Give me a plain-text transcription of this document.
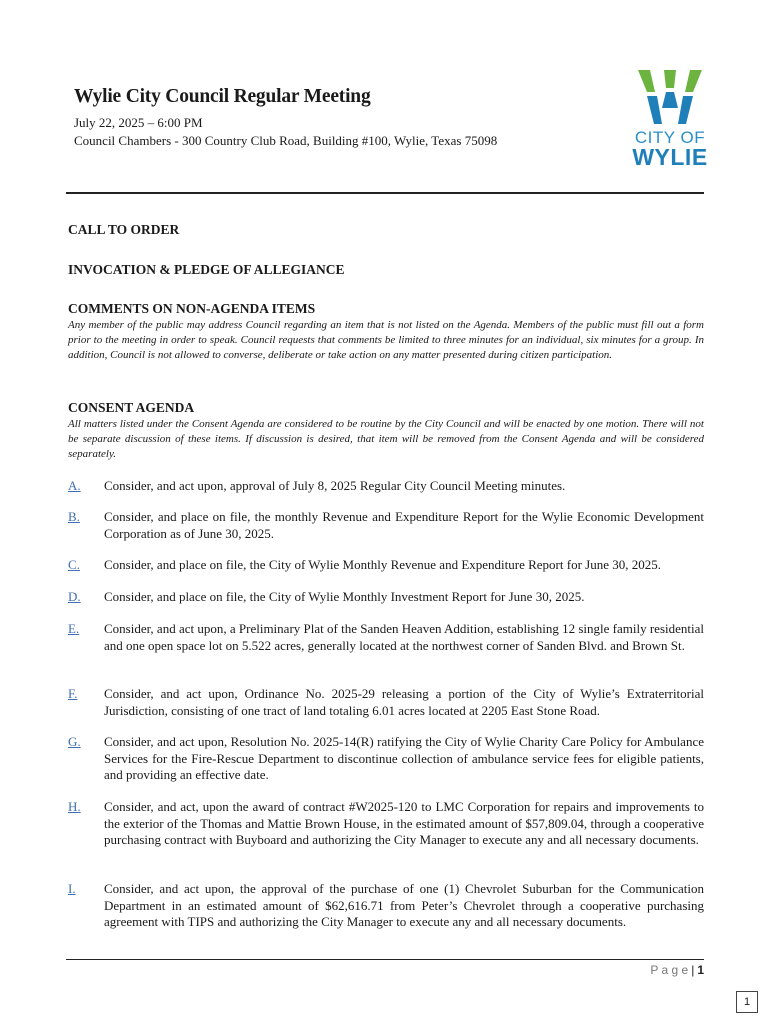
Wylie City Council Regular Meeting

July 22, 2025 – 6:00 PM

Council Chambers - 300 Country Club Road, Building #100, Wylie, Texas 75098	CITY OF
WYLIE
CALL TO ORDER
INVOCATION & PLEDGE OF ALLEGIANCE
COMMENTS ON NON-AGENDA ITEMS

Any member of the public may address Council regarding an item that is not listed on the Agenda. Members of the public must fill out a form prior to the meeting in order to speak. Council requests that comments be limited to three minutes for an individual, six minutes for a group. In addition, Council is not allowed to converse, deliberate or take action on any matter presented during citizen participation.

CONSENT AGENDA

All matters listed under the Consent Agenda are considered to be routine by the City Council and will be enacted by one motion. There will not be separate discussion of these items. If discussion is desired, that item will be removed from the Consent Agenda and will be considered separately.

A. Consider, and act upon, approval of July 8, 2025 Regular City Council Meeting minutes.
B. Consider, and place on file, the monthly Revenue and Expenditure Report for the Wylie Economic Development Corporation as of June 30, 2025.
C. Consider, and place on file, the City of Wylie Monthly Revenue and Expenditure Report for June 30, 2025.
D. Consider, and place on file, the City of Wylie Monthly Investment Report for June 30, 2025.
E. Consider, and act upon, a Preliminary Plat of the Sanden Heaven Addition, establishing 12 single family residential and one open space lot on 5.522 acres, generally located at the northwest corner of Sanden Blvd. and Brown St.
F. Consider, and act upon, Ordinance No. 2025-29 releasing a portion of the City of Wylie’s Extraterritorial Jurisdiction, consisting of one tract of land totaling 6.01 acres located at 2205 East Stone Road.
G. Consider, and act upon, Resolution No. 2025-14(R) ratifying the City of Wylie Charity Care Policy for Ambulance Services for the Fire-Rescue Department to discontinue collection of ambulance service fees for eligible patients, and providing an effective date.
H. Consider, and act, upon the award of contract #W2025-120 to LMC Corporation for repairs and improvements to the exterior of the Thomas and Mattie Brown House, in the estimated amount of $57,809.04, through a cooperative purchasing contract with Buyboard and authorizing the City Manager to execute any and all necessary documents.
I. Consider, and act upon, the approval of the purchase of one (1) Chevrolet Suburban for the Communication Department in an estimated amount of $62,616.71 from Peter’s Chevrolet through a cooperative purchasing agreement with TIPS and authorizing the City Manager to execute any and all necessary documents.
P a g e | 1
1
